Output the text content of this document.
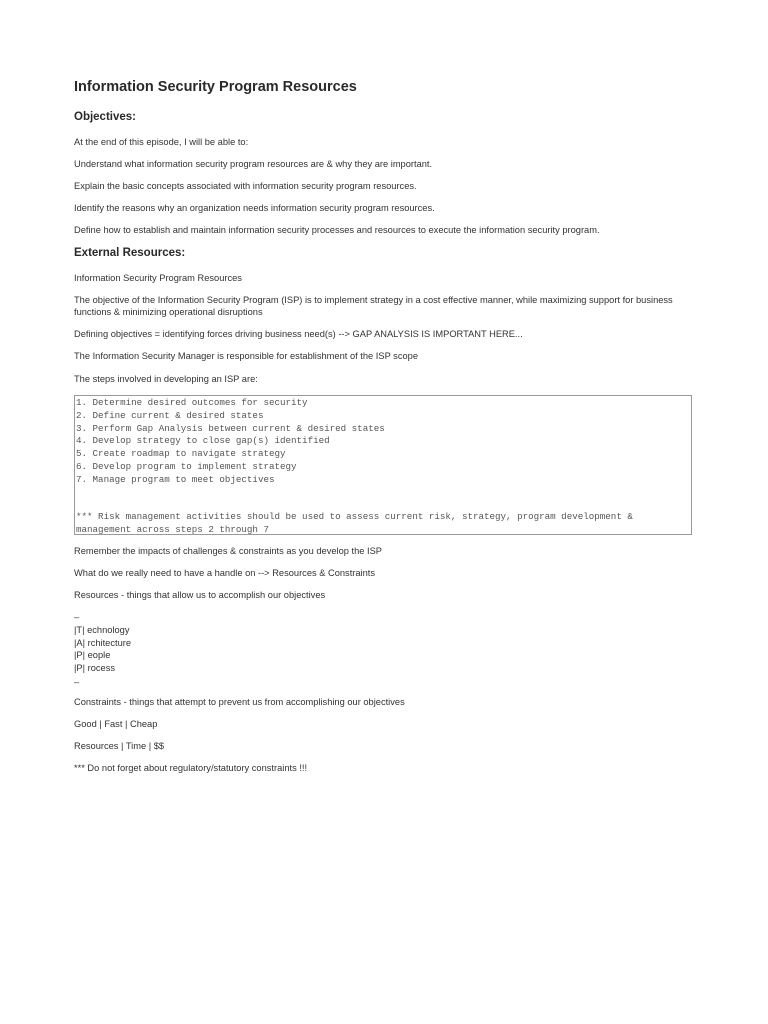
Information Security Program Resources
Objectives:
At the end of this episode, I will be able to:
Understand what information security program resources are & why they are important.
Explain the basic concepts associated with information security program resources.
Identify the reasons why an organization needs information security program resources.
Define how to establish and maintain information security processes and resources to execute the information security program.
External Resources:
Information Security Program Resources
The objective of the Information Security Program (ISP) is to implement strategy in a cost effective manner, while maximizing support for business functions & minimizing operational disruptions
Defining objectives = identifying forces driving business need(s) --> GAP ANALYSIS IS IMPORTANT HERE...
The Information Security Manager is responsible for establishment of the ISP scope
The steps involved in developing an ISP are:
1. Determine desired outcomes for security
2. Define current & desired states
3. Perform Gap Analysis between current & desired states
4. Develop strategy to close gap(s) identified
5. Create roadmap to navigate strategy
6. Develop program to implement strategy
7. Manage program to meet objectives
*** Risk management activities should be used to assess current risk, strategy, program development & management across steps 2 through 7
Remember the impacts of challenges & constraints as you develop the ISP
What do we really need to have a handle on --> Resources & Constraints
Resources - things that allow us to accomplish our objectives
–
|T| echnology
|A| rchitecture
|P| eople
|P| rocess
–
Constraints - things that attempt to prevent us from accomplishing our objectives
Good | Fast | Cheap
Resources | Time | $$
*** Do not forget about regulatory/statutory constraints !!!
